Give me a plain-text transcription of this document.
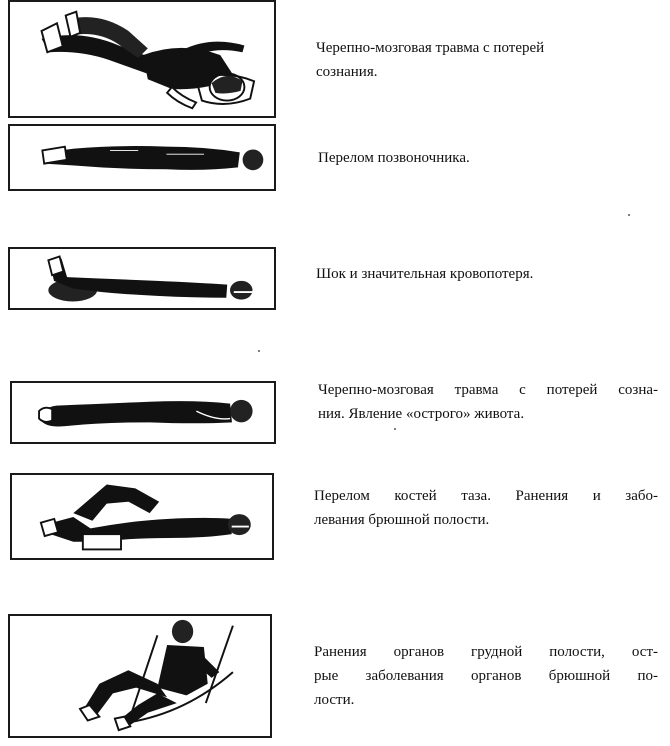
Черепно-мозговая травма с потерей
сознания.

Перелом позвоночника.

Шок и значительная кровопотеря.

Черепно-мозговая травма с потерей созна-
ния. Явление «острого» живота.

Перелом костей таза. Ранения и забо-
левания брюшной полости.

Ранения органов грудной полости, ост-
рые заболевания органов брюшной по-
лости.
